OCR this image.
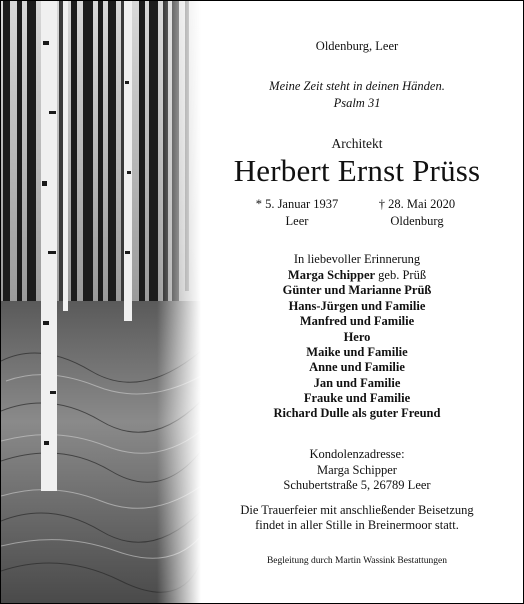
Oldenburg, Leer
Meine Zeit steht in deinen Händen.
Psalm 31
Architekt
Herbert Ernst Prüss
* 5. Januar 1937
Leer
† 28. Mai 2020
Oldenburg
In liebevoller Erinnerung
Marga Schipper geb. Prüß
Günter und Marianne Prüß
Hans-Jürgen und Familie
Manfred und Familie
Hero
Maike und Familie
Anne und Familie
Jan und Familie
Frauke und Familie
Richard Dulle als guter Freund
Kondolenzadresse:
Marga Schipper
Schubertstraße 5, 26789 Leer
Die Trauerfeier mit anschließender Beisetzung
findet in aller Stille in Breinermoor statt.
Begleitung durch Martin Wassink Bestattungen
